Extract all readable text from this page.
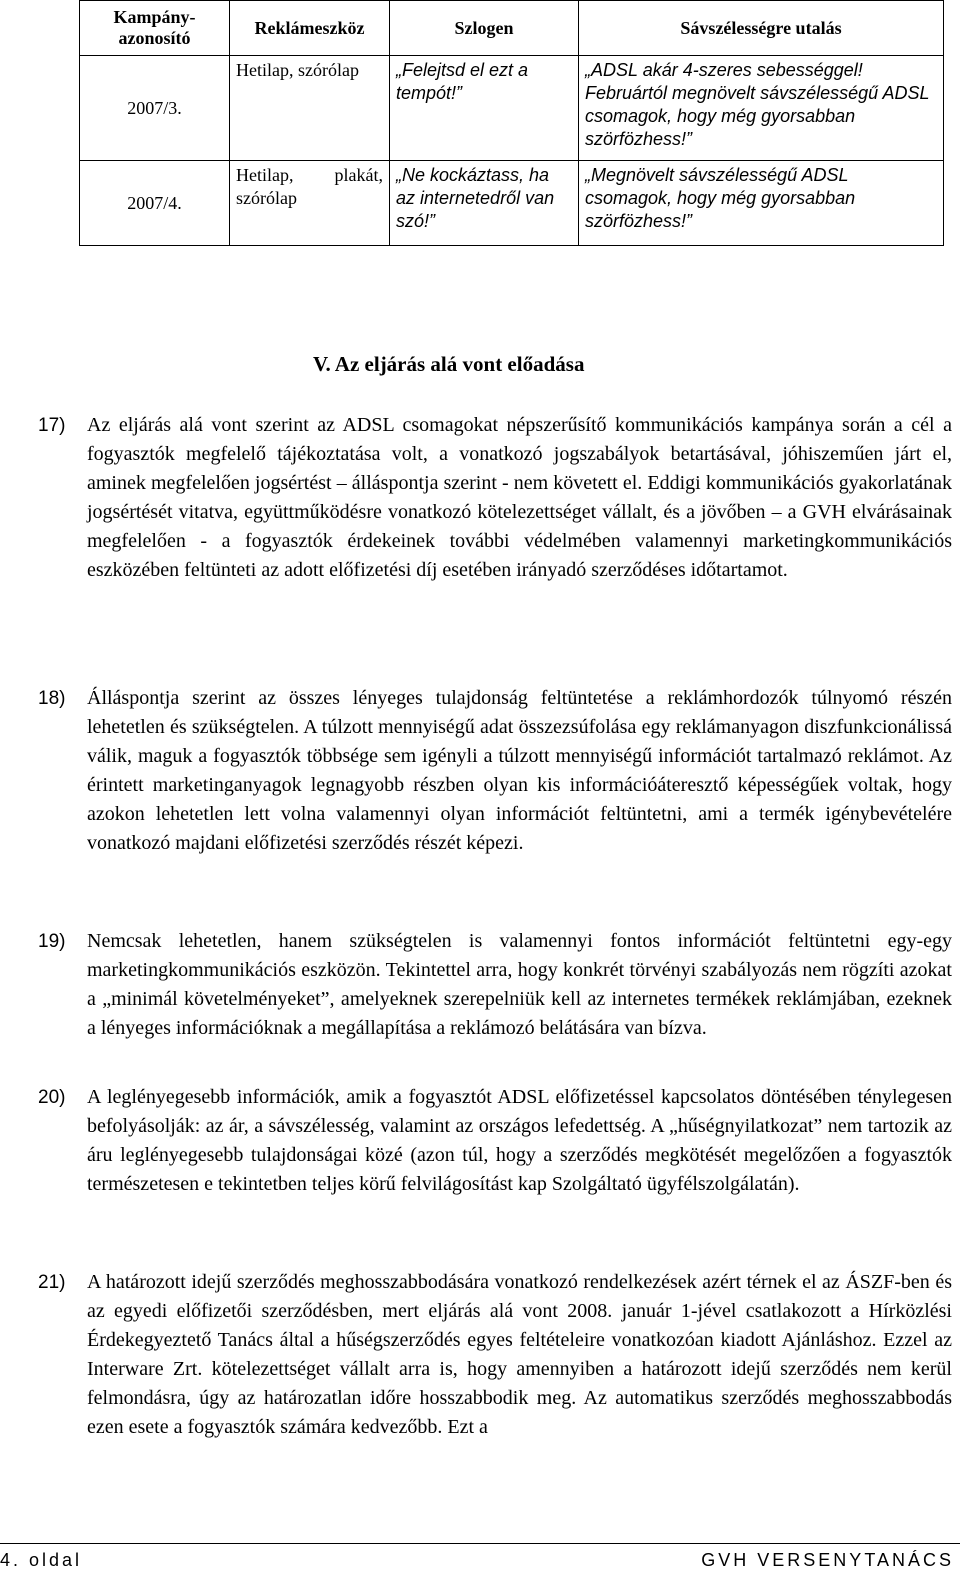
Kampány-azonosító	Reklámeszköz	Szlogen	Sávszélességre utalás
2007/3.	Hetilap, szórólap	„Felejtsd el ezt a tempót!”	„ADSL akár 4-szeres sebességgel! Februártól megnövelt sávszélességű ADSL csomagok, hogy még gyorsabban szörfözhess!”
2007/4.	Hetilap, plakát, szórólap	„Ne kockáztass, ha az internetedről van szó!”	„Megnövelt sávszélességű ADSL csomagok, hogy még gyorsabban szörfözhess!”
V. Az eljárás alá vont előadása
17) Az eljárás alá vont szerint az ADSL csomagokat népszerűsítő kommunikációs kampánya során a cél a fogyasztók megfelelő tájékoztatása volt, a vonatkozó jogszabályok betartásával, jóhiszeműen járt el, aminek megfelelően jogsértést – álláspontja szerint - nem követett el. Eddigi kommunikációs gyakorlatának jogsértését vitatva, együttműködésre vonatkozó kötelezettséget vállalt, és a jövőben – a GVH elvárásainak megfelelően - a fogyasztók érdekeinek további védelmében valamennyi marketingkommunikációs eszközében feltünteti az adott előfizetési díj esetében irányadó szerződéses időtartamot.
18) Álláspontja szerint az összes lényeges tulajdonság feltüntetése a reklámhordozók túlnyomó részén lehetetlen és szükségtelen. A túlzott mennyiségű adat összezsúfolása egy reklámanyagon diszfunkcionálissá válik, maguk a fogyasztók többsége sem igényli a túlzott mennyiségű információt tartalmazó reklámot. Az érintett marketinganyagok legnagyobb részben olyan kis információáteresztő képességűek voltak, hogy azokon lehetetlen lett volna valamennyi olyan információt feltüntetni, ami a termék igénybevételére vonatkozó majdani előfizetési szerződés részét képezi.
19) Nemcsak lehetetlen, hanem szükségtelen is valamennyi fontos információt feltüntetni egy-egy marketingkommunikációs eszközön. Tekintettel arra, hogy konkrét törvényi szabályozás nem rögzíti azokat a „minimál követelményeket”, amelyeknek szerepelniük kell az internetes termékek reklámjában, ezeknek a lényeges információknak a megállapítása a reklámozó belátására van bízva.
20) A leglényegesebb információk, amik a fogyasztót ADSL előfizetéssel kapcsolatos döntésében ténylegesen befolyásolják: az ár, a sávszélesség, valamint az országos lefedettség. A „hűségnyilatkozat” nem tartozik az áru leglényegesebb tulajdonságai közé (azon túl, hogy a szerződés megkötését megelőzően a fogyasztók természetesen e tekintetben teljes körű felvilágosítást kap Szolgáltató ügyfélszolgálatán).
21) A határozott idejű szerződés meghosszabbodására vonatkozó rendelkezések azért térnek el az ÁSZF-ben és az egyedi előfizetői szerződésben, mert eljárás alá vont 2008. január 1-jével csatlakozott a Hírközlési Érdekegyeztető Tanács által a hűségszerződés egyes feltételeire vonatkozóan kiadott Ajánláshoz. Ezzel az Interware Zrt. kötelezettséget vállalt arra is, hogy amennyiben a határozott idejű szerződés nem kerül felmondásra, úgy az határozatlan időre hosszabbodik meg. Az automatikus szerződés meghosszabbodás ezen esete a fogyasztók számára kedvezőbb. Ezt a
4. oldal	GVH VERSENYTANÁCS
